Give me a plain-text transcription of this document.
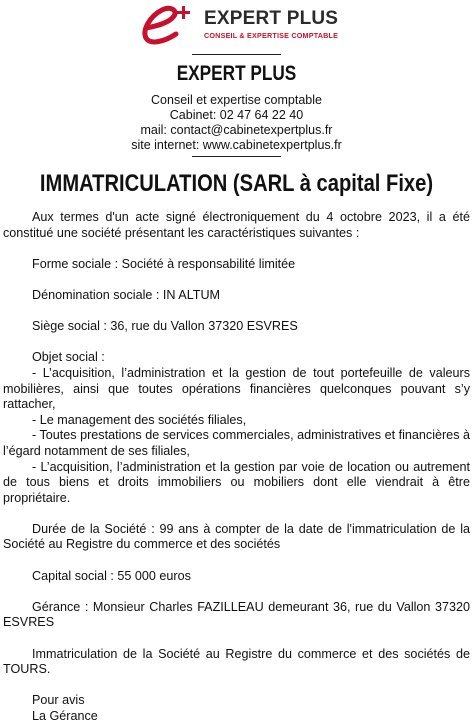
EXPERT PLUS
CONSEIL & EXPERTISE COMPTABLE
EXPERT PLUS
Conseil et expertise comptable
Cabinet: 02 47 64 22 40
mail: contact@cabinetexpertplus.fr
site internet: www.cabinetexpertplus.fr
IMMATRICULATION (SARL à capital Fixe)

Aux termes d'un acte signé électroniquement du 4 octobre 2023, il a été constitué une société présentant les caractéristiques suivantes :

Forme sociale : Société à responsabilité limitée

Dénomination sociale : IN ALTUM

Siège social : 36, rue du Vallon 37320 ESVRES

Objet social :

- L’acquisition, l’administration et la gestion de tout portefeuille de valeurs mobilières, ainsi que toutes opérations financières quelconques pouvant s’y rattacher,

- Le management des sociétés filiales,

- Toutes prestations de services commerciales, administratives et financières à l’égard notamment de ses filiales,

- L’acquisition, l’administration et la gestion par voie de location ou autrement de tous biens et droits immobiliers ou mobiliers dont elle viendrait à être propriétaire.

Durée de la Société : 99 ans à compter de la date de l'immatriculation de la Société au Registre du commerce et des sociétés

Capital social : 55 000 euros

Gérance : Monsieur Charles FAZILLEAU demeurant 36, rue du Vallon 37320 ESVRES

Immatriculation de la Société au Registre du commerce et des sociétés de TOURS.

Pour avis

La Gérance
